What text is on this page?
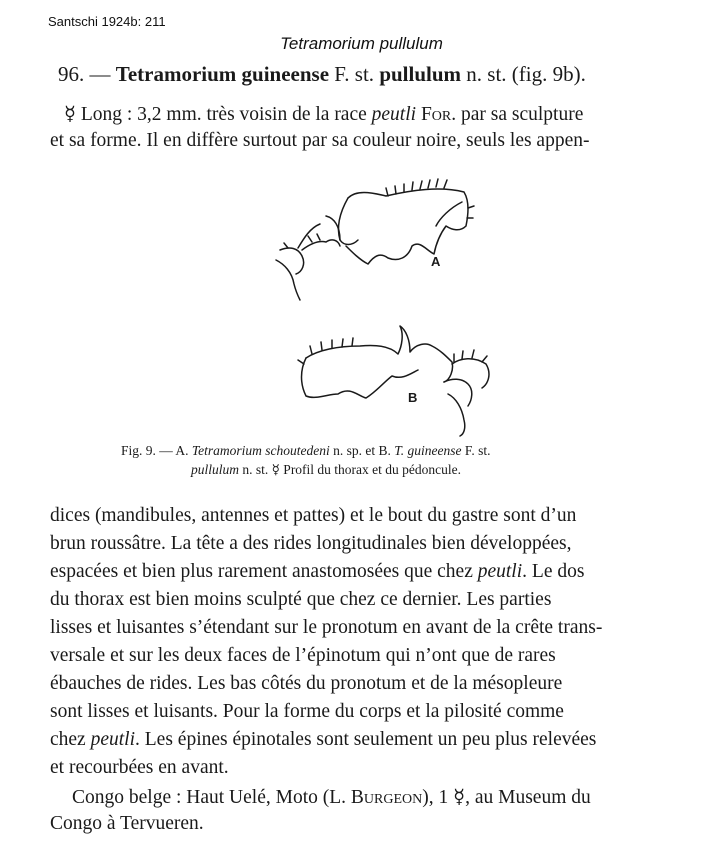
Santschi 1924b: 211
Tetramorium pullulum
96. — Tetramorium guineense F. st. pullulum n. st. (fig. 9b).
☿ Long : 3,2 mm. très voisin de la race peutli For. par sa sculpture
et sa forme. Il en diffère surtout par sa couleur noire, seuls les appen-
A
B
Fig. 9. — A. Tetramorium schoutedeni n. sp. et B. T. guineense F. st.
pullulum n. st. ☿ Profil du thorax et du pédoncule.
dices (mandibules, antennes et pattes) et le bout du gastre sont d’un
brun roussâtre. La tête a des rides longitudinales bien développées,
espacées et bien plus rarement anastomosées que chez peutli. Le dos
du thorax est bien moins sculpté que chez ce dernier. Les parties
lisses et luisantes s’étendant sur le pronotum en avant de la crête trans-
versale et sur les deux faces de l’épinotum qui n’ont que de rares
ébauches de rides. Les bas côtés du pronotum et de la mésopleure
sont lisses et luisants. Pour la forme du corps et la pilosité comme
chez peutli. Les épines épinotales sont seulement un peu plus relevées
et recourbées en avant.
Congo belge : Haut Uelé, Moto (L. Burgeon), 1 ☿, au Museum du
Congo à Tervueren.
